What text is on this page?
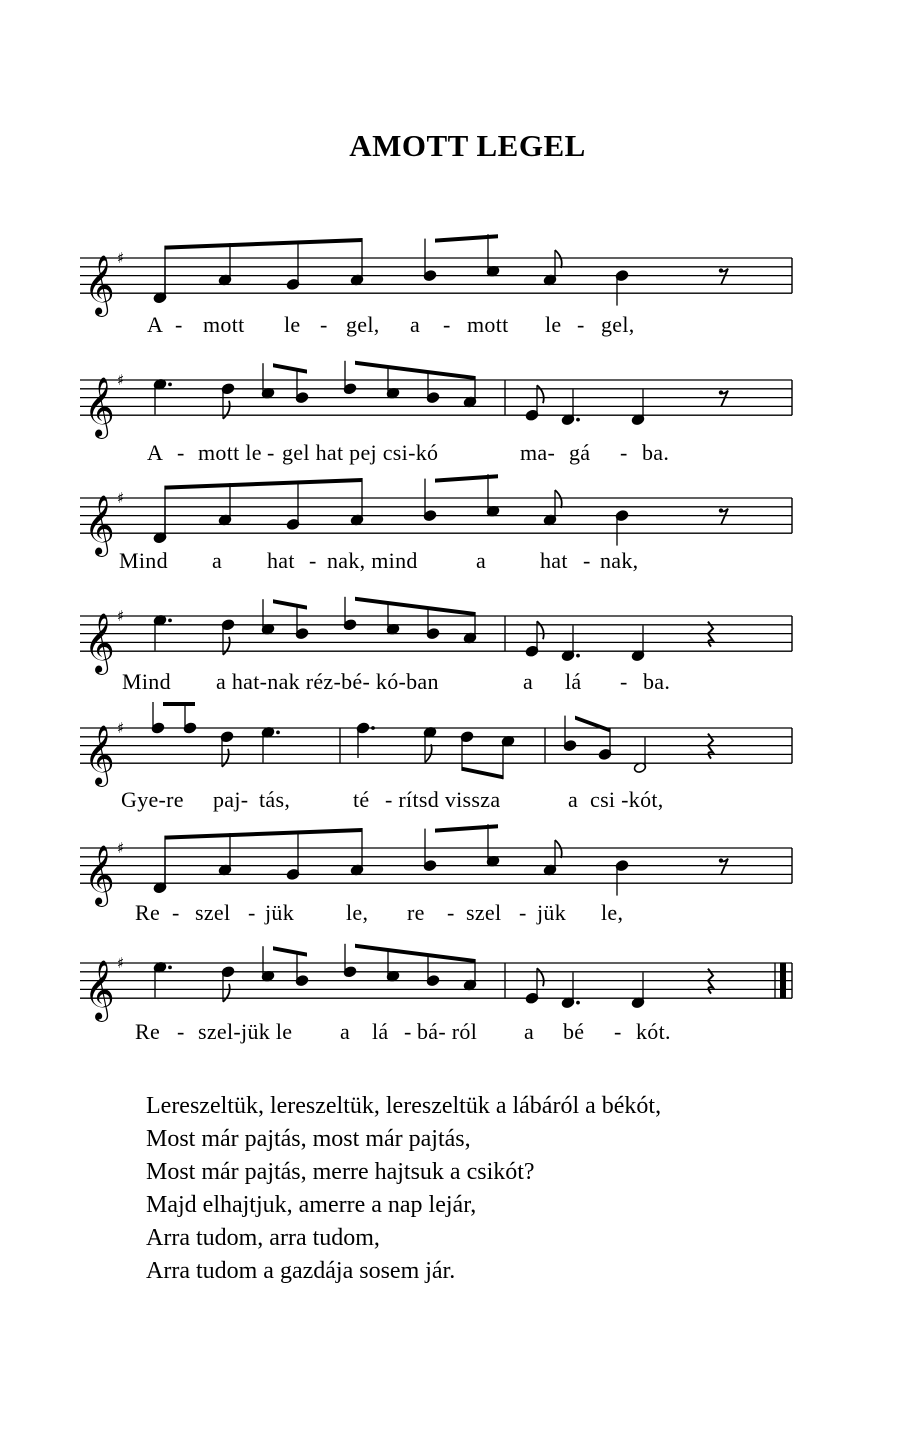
AMOTT LEGEL
𝄞 ♯
A - mott le - gel, a - mott le - gel,
𝄞 ♯
A - mott le - gel hat pej csi-kó	ma- gá - ba.
𝄞 ♯
Mind a hat - nak, mind	a hat - nak,
𝄞 ♯
Mind a hat-nak réz-bé- kó-ban	a lá - ba.
𝄞 ♯
Gye-re paj- tás,	té - rítsd vissza	a csi -kót,
𝄞 ♯
Re - szel - jük le, re - szel - jük le,
𝄞 ♯
Re - szel-jük le a lá - bá- ról a bé - kót.
Lereszeltük, lereszeltük, lereszeltük a lábáról a békót,
Most már pajtás, most már pajtás,
Most már pajtás, merre hajtsuk a csikót?
Majd elhajtjuk, amerre a nap lejár,
Arra tudom, arra tudom,
Arra tudom a gazdája sosem jár.
